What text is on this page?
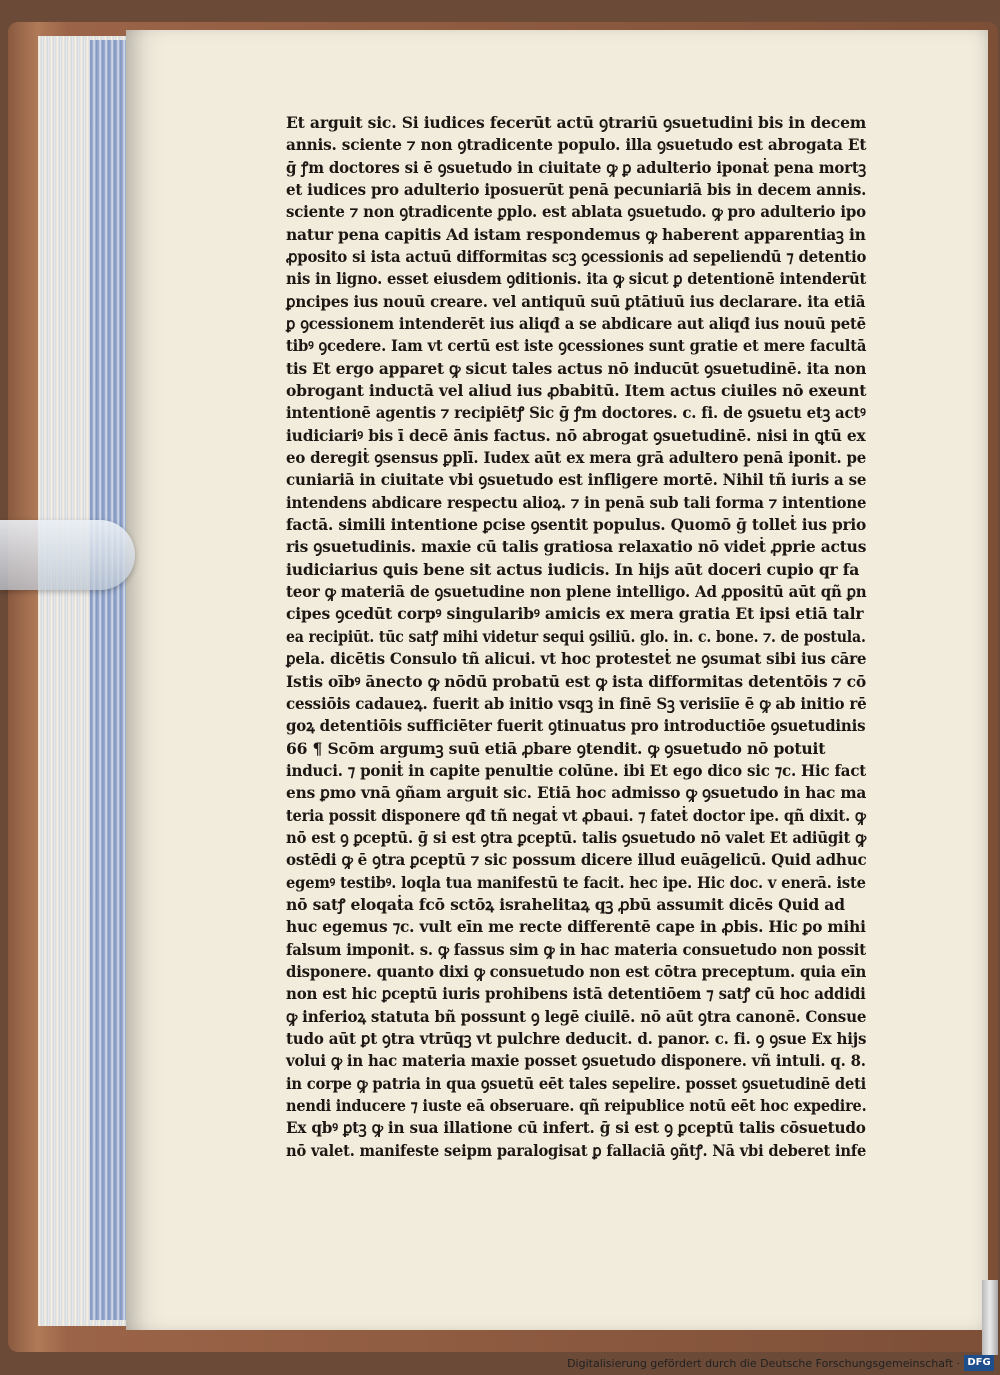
Et arguit sic. Si iudices fecerūt actū ꝯtrariū ꝯsuetudini bis in decem
annis. sciente ⁊ non ꝯtradicente populo. illa ꝯsuetudo est abrogata Et
ḡ ꝭm doctores si ē ꝯsuetudo in ciuitate ꝙ ꝑ adulterio iponaṫ pena mortꝫ
et iudices pro adulterio iposuerūt penā pecuniariā bis in decem annis.
sciente ⁊ non ꝯtradicente ꝑplo. est ablata ꝯsuetudo. ꝙ pro adulterio ipo
natur pena capitis Ad istam respondemus ꝙ haberent apparentiaꝫ in
ꝓposito si ista actuū difformitas scꝫ ꝯcessionis ad sepeliendū ⁊ detentio
nis in ligno. esset eiusdem ꝯditionis. ita ꝙ sicut ꝑ detentionē intenderūt
ꝑncipes ius nouū creare. vel antiquū suū ꝑtātiuū ius declarare. ita etiā
ꝑ ꝯcessionem intenderēt ius aliqđ a se abdicare aut aliqđ ius nouū petē
tibꝰ ꝯcedere. Iam vt certū est iste ꝯcessiones sunt gratie et mere facultā
tis Et ergo apparet ꝙ sicut tales actus nō inducūt ꝯsuetudinē. ita non
obrogant inductā vel aliud ius ꝓbabitū. Item actus ciuiles nō exeunt
intentionē agentis ⁊ recipiētꝭ Sic ḡ ꝭm doctores. c. fi. de ꝯsuetu etꝫ actꝰ
iudiciariꝰ bis ī decē ānis factus. nō abrogat ꝯsuetudinē. nisi in ꝗtū ex
eo deregiṫ ꝯsensus ꝑplī. Iudex aūt ex mera grā adultero penā iponit. pe
cuniariā in ciuitate vbi ꝯsuetudo est infligere mortē. Nihil tñ iuris a se
intendens abdicare respectu alioꝝ. ⁊ in penā sub tali forma ⁊ intentione
factā. simili intentione ꝑcise ꝯsentit populus. Quomō ḡ tolleṫ ius prio
ris ꝯsuetudinis. maxie cū talis gratiosa relaxatio nō videṫ ꝓprie actus
iudiciarius ꝗuis bene sit actus iudicis. In hijs aūt doceri cupio qr fa
teor ꝙ materiā de ꝯsuetudine non plene intelligo. Ad ꝓpositū aūt qñ ꝑn
cipes ꝯcedūt corpꝰ singularibꝰ amicis ex mera gratia Et ipsi etiā talr
ea recipiūt. tūc satꝭ mihi videtur sequi ꝯsiliū. glo. in. c. bone. ⁊. de postula.
ꝑela. dicētis Consulo tñ alicui. vt hoc protesteṫ ne ꝯsumat sibi ius cāre
Istis oībꝰ ānecto ꝙ nōdū probatū est ꝙ ista difformitas detentōis ⁊ cō
cessiōis cadaueꝝ. fuerit ab initio vsqꝫ in finē Sꝫ verisiīe ē ꝙ ab initio rē
goꝝ detentiōis sufficiēter fuerit ꝯtinuatus pro introductiōe ꝯsuetudinis
66 ¶ Scōm argumꝫ suū etiā ꝓbare ꝯtendit. ꝙ ꝯsuetudo nō potuit
induci. ⁊ poniṫ in capite penultie colūne. ibi Et ego dico sic ⁊c. Hic fact
ens ꝑmo vnā ꝯñam arguit sic. Etiā hoc admisso ꝙ ꝯsuetudo in hac ma
teria possit disponere qđ tñ negaṫ vt ꝓbaui. ⁊ fateṫ doctor ipe. qñ dixit. ꝙ
nō est ꝯ ꝑceptū. ḡ si est ꝯtra ꝑceptū. talis ꝯsuetudo nō valet Et adiūgit ꝙ
ostēdi ꝙ ē ꝯtra ꝑceptū ⁊ sic possum dicere illud euāgelicū. Quid adhuc
egemꝰ testibꝰ. loqla tua manifestū te facit. hec ipe. Hic doc. v enerā. iste
nō satꝭ eloqaṫa fcō sctōꝝ israhelitaꝝ qꝫ ꝓbū assumit dicēs Quid ad
huc egemus ⁊c. vult eīn me recte differentē cape in ꝓbis. Hic ꝑo mihi
falsum imponit. s. ꝙ fassus sim ꝙ in hac materia consuetudo non possit
disponere. quanto dixi ꝙ consuetudo non est cōtra preceptum. quia eīn
non est hic ꝑceptū iuris prohibens istā detentiōem ⁊ satꝭ cū hoc addidi
ꝙ inferioꝝ statuta bñ possunt ꝯ legē ciuilē. nō aūt ꝯtra canonē. Consue
tudo aūt ꝑt ꝯtra vtrūqꝫ vt pulchre deducit. d. panor. c. fi. ꝯ ꝯsue Ex hijs
volui ꝙ in hac materia maxie posset ꝯsuetudo disponere. vñ intuli. q. 8.
in corpe ꝙ patria in qua ꝯsuetū eēt tales sepelire. posset ꝯsuetudinē deti
nendi inducere ⁊ iuste eā obseruare. qñ reipublice notū eēt hoc expedire.
Ex qbꝰ ꝑtꝫ ꝙ in sua illatione cū infert. ḡ si est ꝯ ꝑceptū talis cōsuetudo
nō valet. manifeste seipm paralogisat ꝑ fallaciā ꝯñtꝭ. Nā vbi deberet infe
Digitalisierung gefördert durch die Deutsche Forschungsgemeinschaft · DFG
